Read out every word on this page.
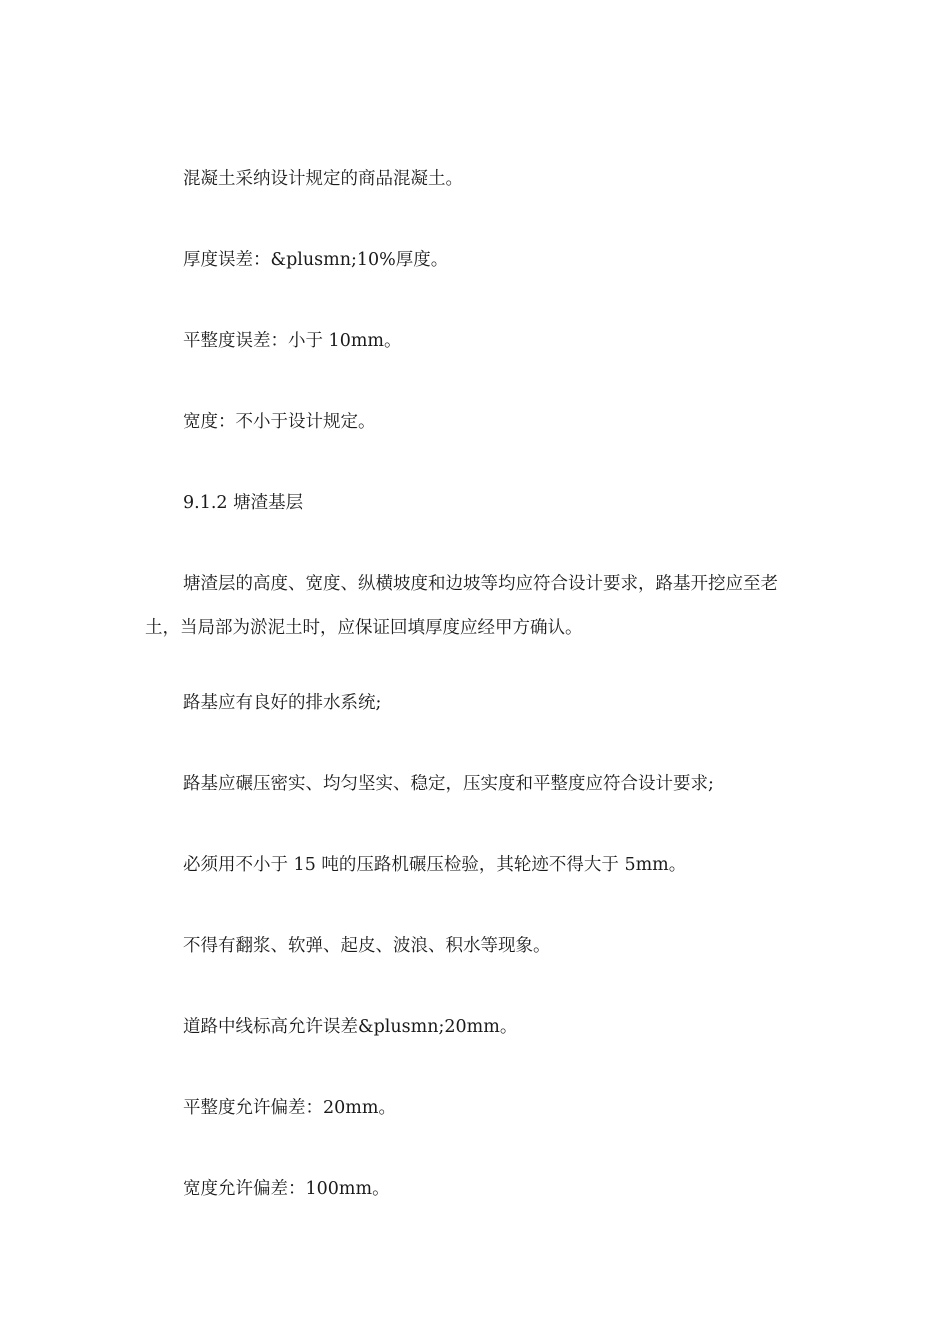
混凝土采纳设计规定的商品混凝土。

厚度误差：&plusmn;10%厚度。

平整度误差：小于 10mm。

宽度：不小于设计规定。

9.1.2 塘渣基层

塘渣层的高度、宽度、纵横坡度和边坡等均应符合设计要求，路基开挖应至老土，当局部为淤泥土时，应保证回填厚度应经甲方确认。

路基应有良好的排水系统;

路基应碾压密实、均匀坚实、稳定，压实度和平整度应符合设计要求;

必须用不小于 15 吨的压路机碾压检验，其轮迹不得大于 5mm。

不得有翻浆、软弹、起皮、波浪、积水等现象。

道路中线标高允许误差&plusmn;20mm。

平整度允许偏差：20mm。

宽度允许偏差：100mm。
